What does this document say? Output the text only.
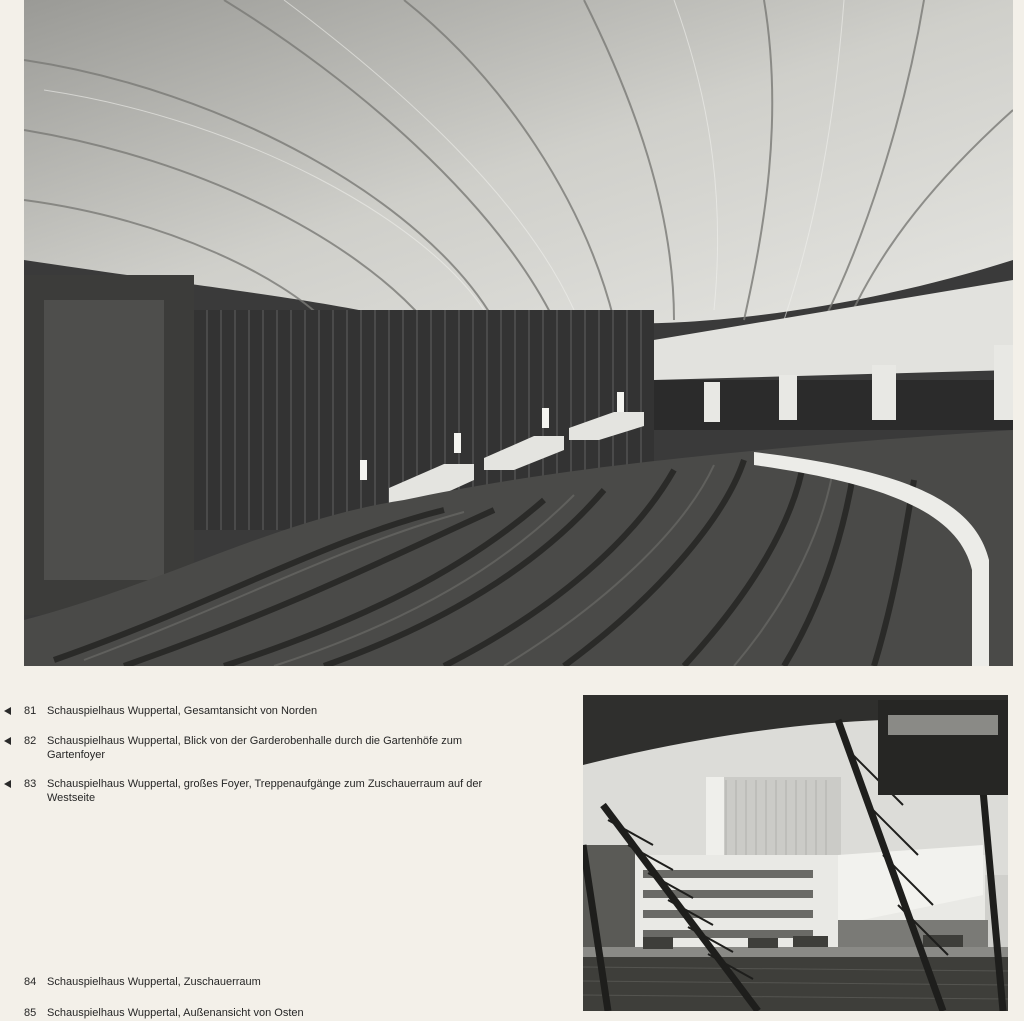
81 Schauspielhaus Wuppertal, Gesamtansicht von Norden
82 Schauspielhaus Wuppertal, Blick von der Garderobenhalle durch die Gartenhöfe zum Gartenfoyer
83 Schauspielhaus Wuppertal, großes Foyer, Treppenaufgänge zum Zuschauerraum auf der Westseite
84 Schauspielhaus Wuppertal, Zuschauerraum
85 Schauspielhaus Wuppertal, Außenansicht von Osten
